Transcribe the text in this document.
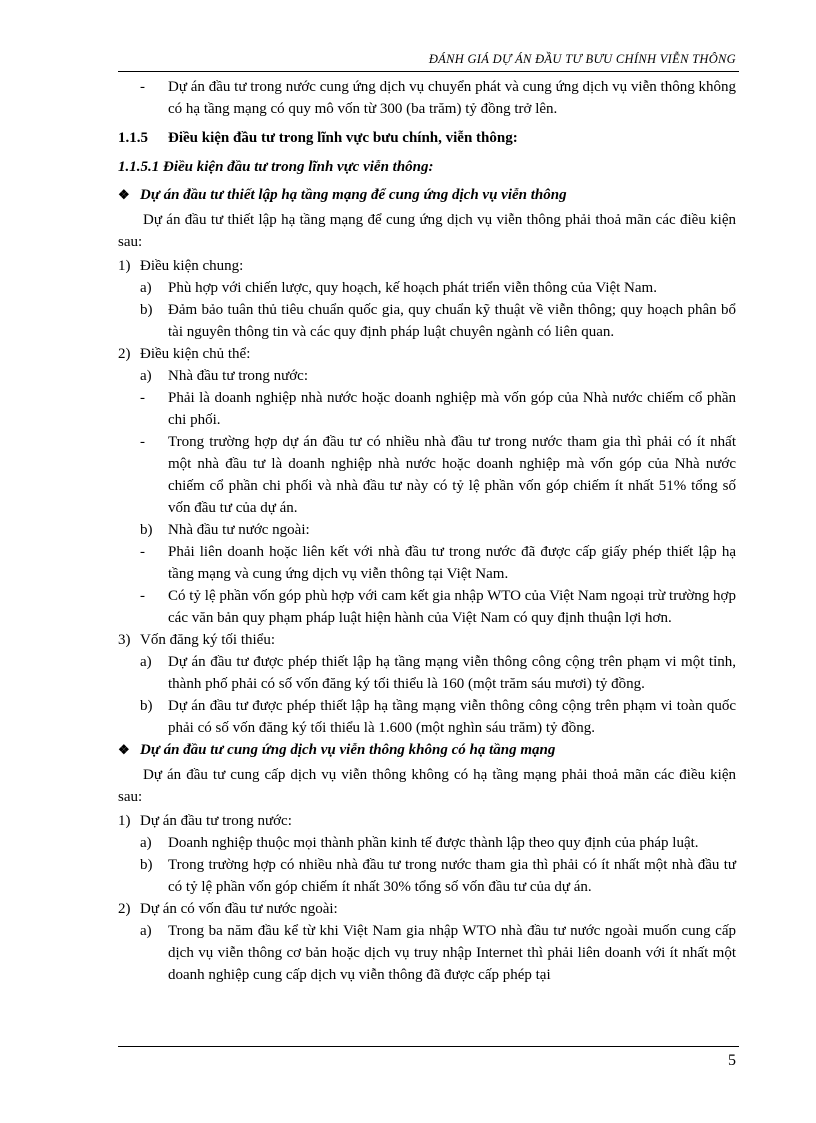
ĐÁNH GIÁ DỰ ÁN ĐẦU TƯ BƯU CHÍNH VIỄN THÔNG
-	Dự án đầu tư trong nước cung ứng dịch vụ chuyển phát và cung ứng dịch vụ viễn thông không có hạ tầng mạng có quy mô vốn từ 300 (ba trăm) tỷ đồng trở lên.
1.1.5	Điều kiện đầu tư trong lĩnh vực bưu chính, viễn thông:
1.1.5.1 Điều kiện đầu tư trong lĩnh vực viễn thông:
❖ Dự án đầu tư thiết lập hạ tầng mạng để cung ứng dịch vụ viễn thông

Dự án đầu tư thiết lập hạ tầng mạng để cung ứng dịch vụ viễn thông phải thoả mãn các điều kiện sau:

1) Điều kiện chung:
a)	Phù hợp với chiến lược, quy hoạch, kế hoạch phát triển viễn thông của Việt Nam.
b)	Đảm bảo tuân thủ tiêu chuẩn quốc gia, quy chuẩn kỹ thuật về viễn thông; quy hoạch phân bổ tài nguyên thông tin và các quy định pháp luật chuyên ngành có liên quan.
2) Điều kiện chủ thể:
a)	Nhà đầu tư trong nước:
-	Phải là doanh nghiệp nhà nước hoặc doanh nghiệp mà vốn góp của Nhà nước chiếm cổ phần chi phối.
-	Trong trường hợp dự án đầu tư có nhiều nhà đầu tư trong nước tham gia thì phải có ít nhất một nhà đầu tư là doanh nghiệp nhà nước hoặc doanh nghiệp mà vốn góp của Nhà nước chiếm cổ phần chi phối và nhà đầu tư này có tỷ lệ phần vốn góp chiếm ít nhất 51% tổng số vốn đầu tư của dự án.
b)	Nhà đầu tư nước ngoài:
-	Phải liên doanh hoặc liên kết với nhà đầu tư trong nước đã được cấp giấy phép thiết lập hạ tầng mạng và cung ứng dịch vụ viễn thông tại Việt Nam.
-	Có tỷ lệ phần vốn góp phù hợp với cam kết gia nhập WTO của Việt Nam ngoại trừ trường hợp các văn bản quy phạm pháp luật hiện hành của Việt Nam có quy định thuận lợi hơn.
3) Vốn đăng ký tối thiểu:
a)	Dự án đầu tư được phép thiết lập hạ tầng mạng viễn thông công cộng trên phạm vi một tỉnh, thành phố phải có số vốn đăng ký tối thiểu là 160 (một trăm sáu mươi) tỷ đồng.
b)	Dự án đầu tư được phép thiết lập hạ tầng mạng viễn thông công cộng trên phạm vi toàn quốc phải có số vốn đăng ký tối thiểu là 1.600 (một nghìn sáu trăm) tỷ đồng.
❖ Dự án đầu tư cung ứng dịch vụ viễn thông không có hạ tầng mạng

Dự án đầu tư cung cấp dịch vụ viễn thông không có hạ tầng mạng phải thoả mãn các điều kiện sau:

1) Dự án đầu tư trong nước:
a)	Doanh nghiệp thuộc mọi thành phần kinh tế được thành lập theo quy định của pháp luật.
b)	Trong trường hợp có nhiều nhà đầu tư trong nước tham gia thì phải có ít nhất một nhà đầu tư có tỷ lệ phần vốn góp chiếm ít nhất 30% tổng số vốn đầu tư của dự án.
2) Dự án có vốn đầu tư nước ngoài:
a)	Trong ba năm đầu kể từ khi Việt Nam gia nhập WTO nhà đầu tư nước ngoài muốn cung cấp dịch vụ viễn thông cơ bản hoặc dịch vụ truy nhập Internet thì phải liên doanh với ít nhất một doanh nghiệp cung cấp dịch vụ viễn thông đã được cấp phép tại
5
